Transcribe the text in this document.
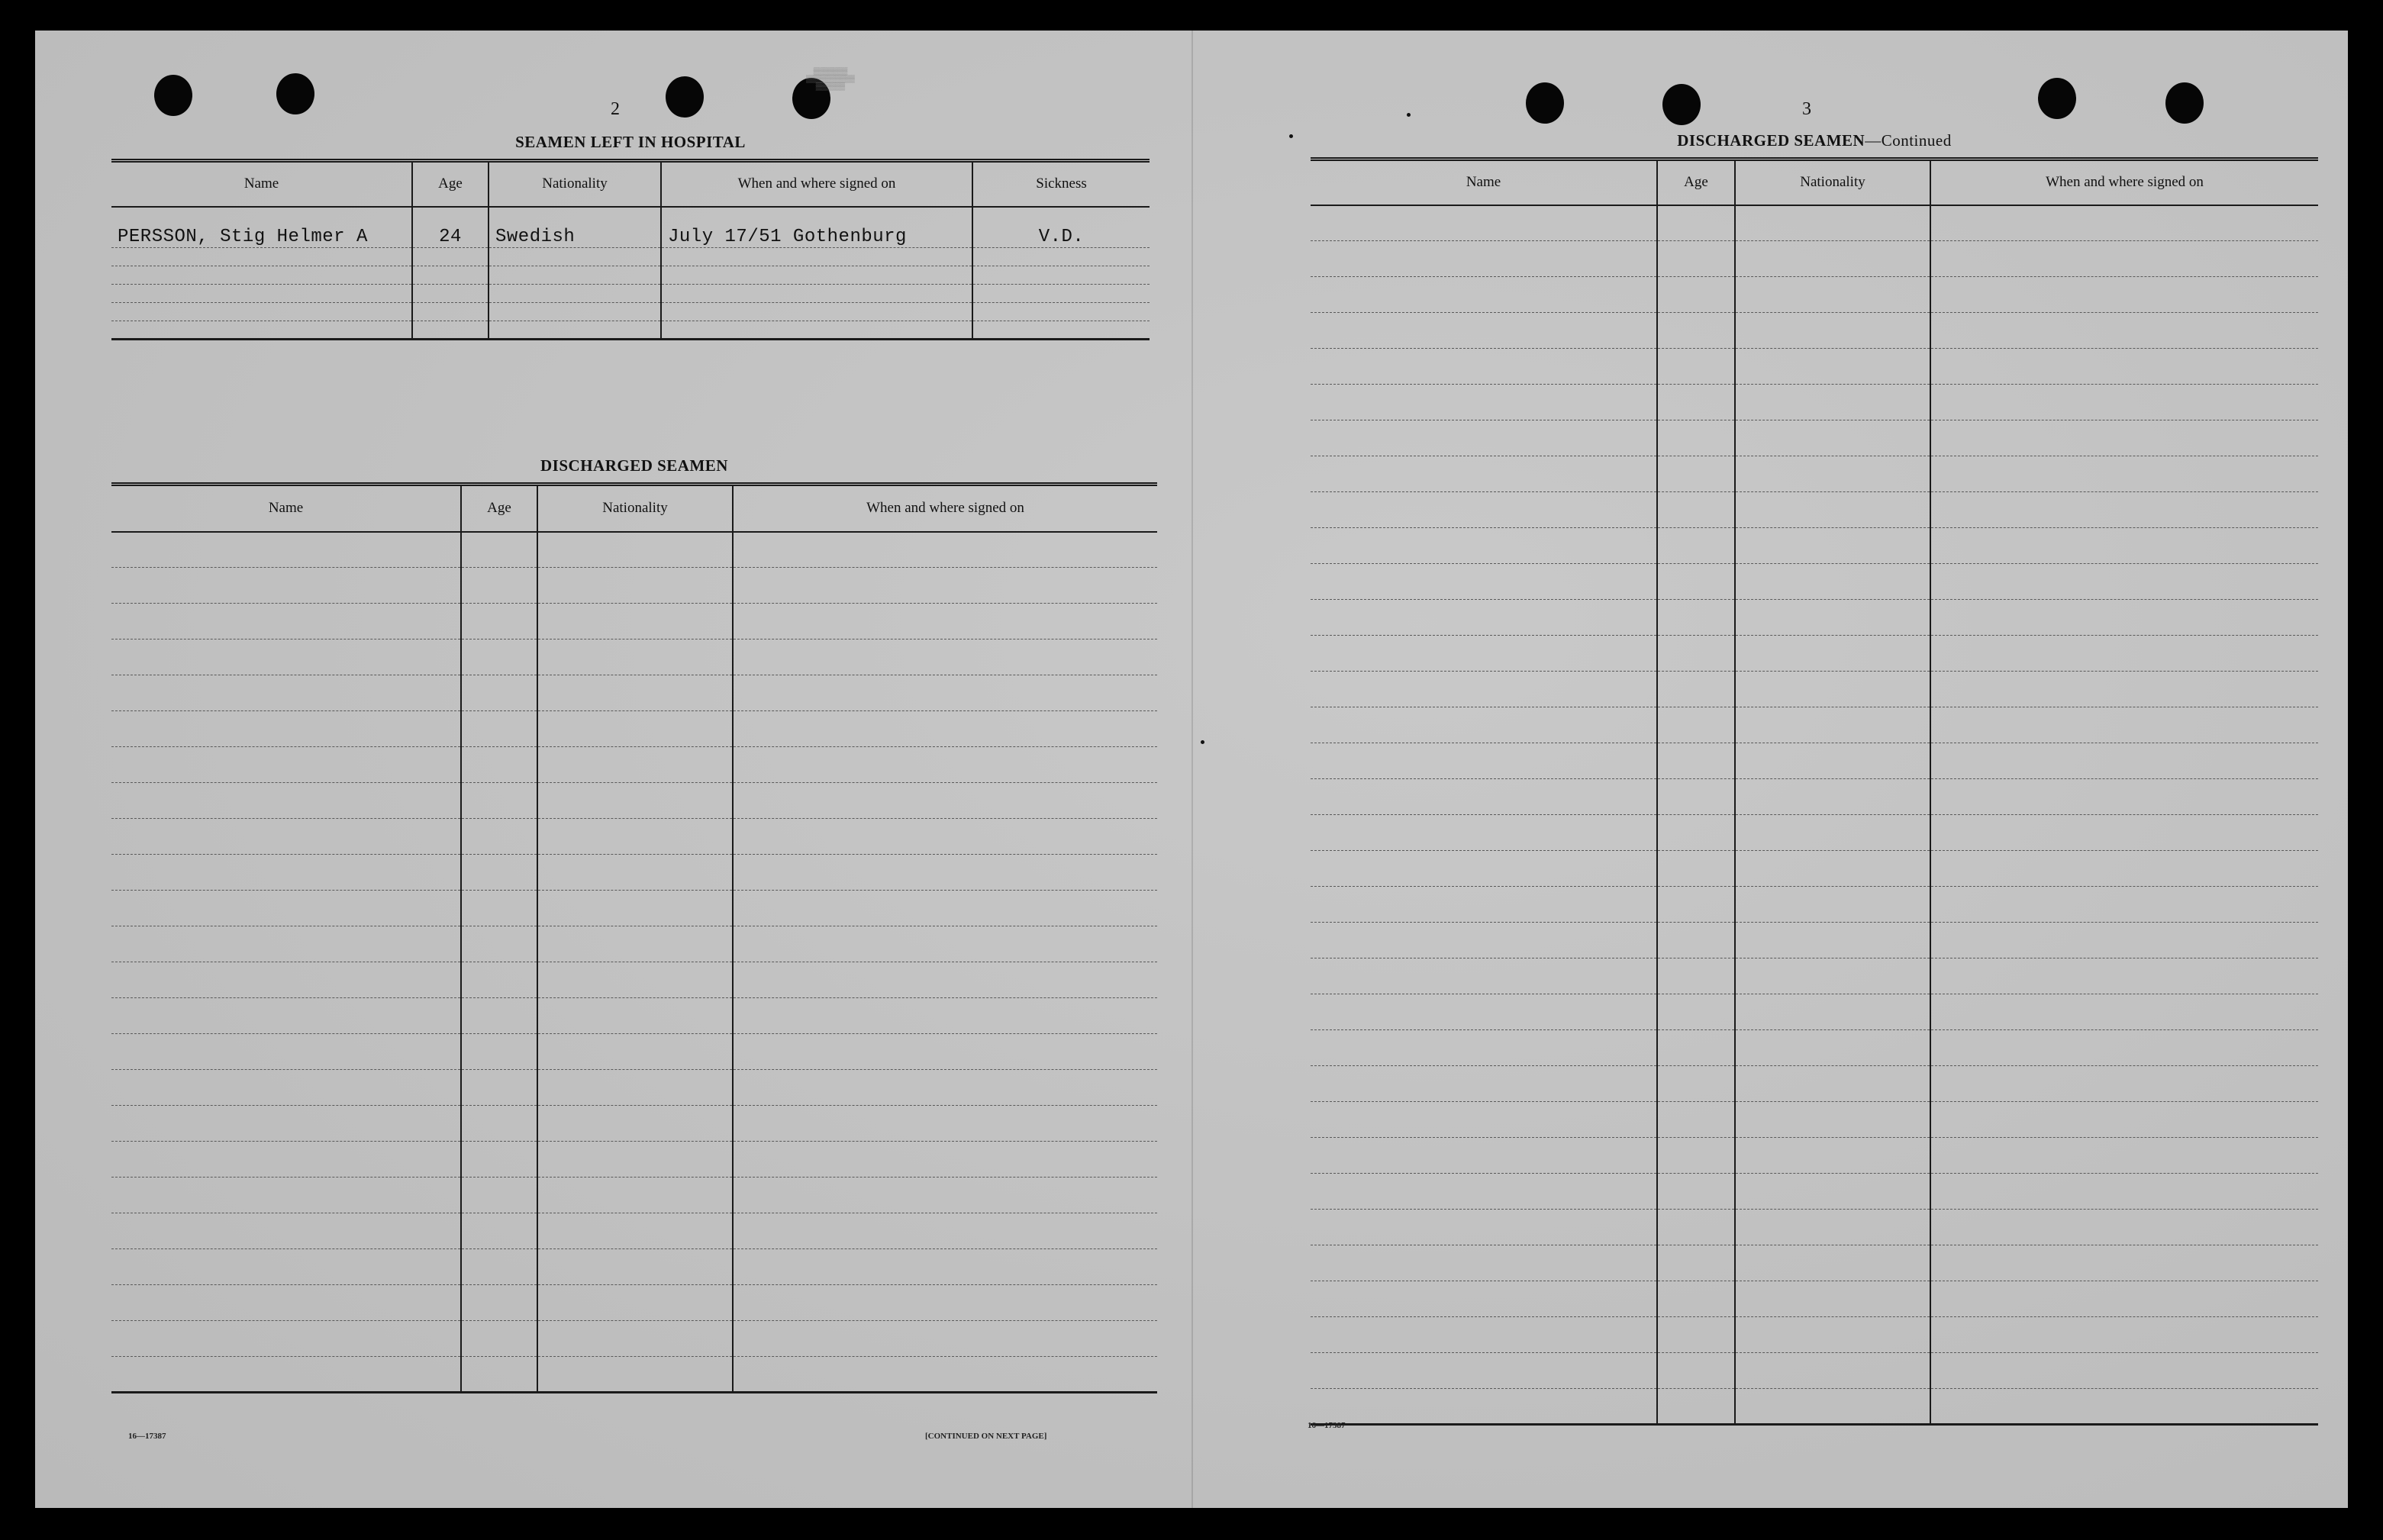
▒▒▒▒▒▒▒
▒▒▒▒▒▒▒▒▒▒
▒▒▒▒▒▒
2
SEAMEN LEFT IN HOSPITAL
Name	Age	Nationality	When and where signed on	Sickness
PERSSON, Stig Helmer A	24	Swedish	July 17/51 Gothenburg	V.D.

DISCHARGED SEAMEN
Name	Age	Nationality	When and where signed on

16—17387	[CONTINUED ON NEXT PAGE]
3
DISCHARGED SEAMEN—Continued
Name	Age	Nationality	When and where signed on

16—17387
